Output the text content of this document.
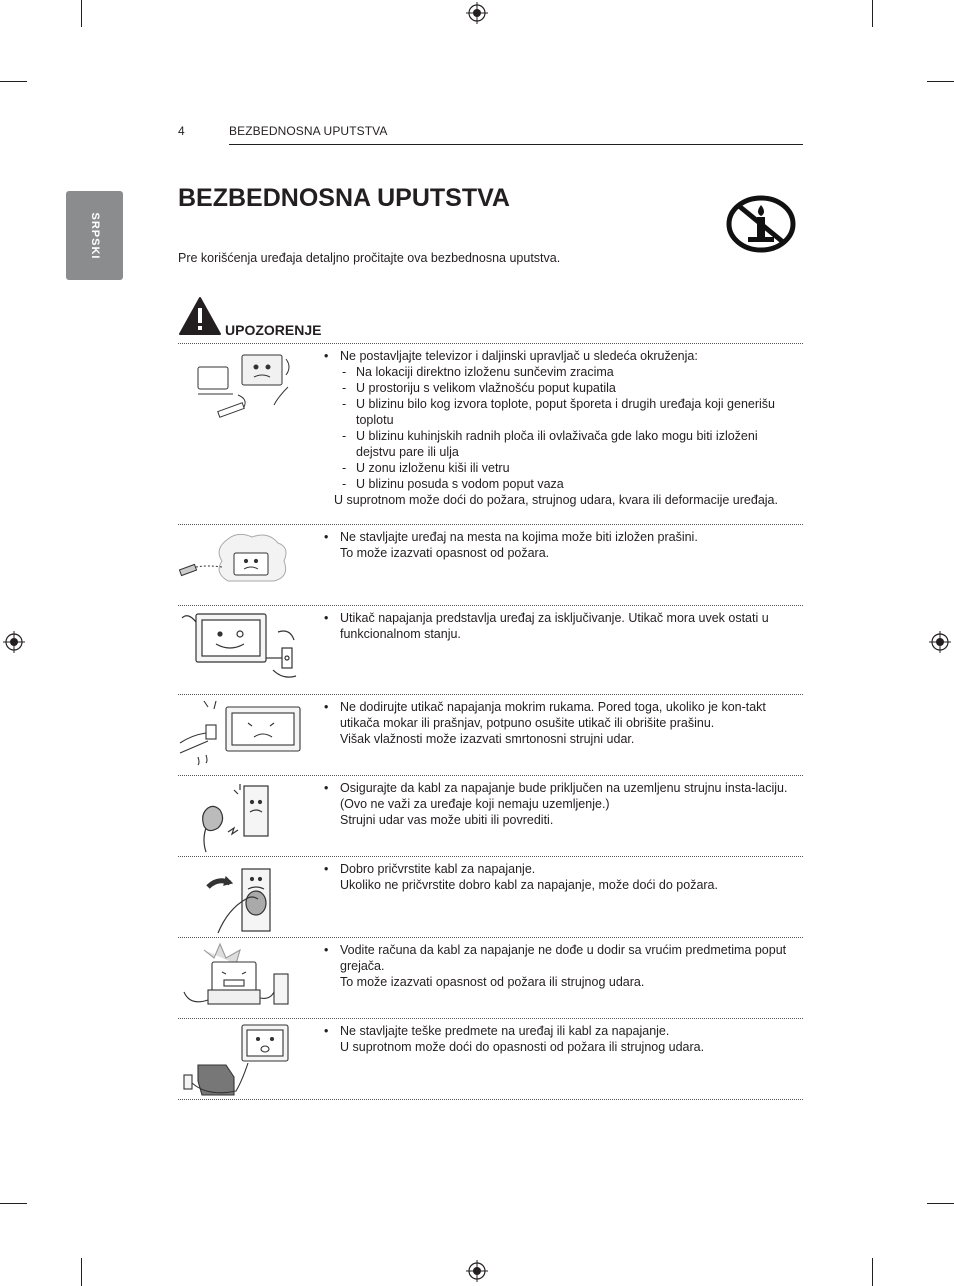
4	BEZBEDNOSNA UPUTSTVA
SRPSKI
BEZBEDNOSNA UPUTSTVA
Pre korišćenja uređaja detaljno pročitajte ova bezbednosna uputstva.
UPOZORENJE
• Ne postavljajte televizor i daljinski upravljač u sledeća okruženja:
- Na lokaciji direktno izloženu sunčevim zracima
- U prostoriju s velikom vlažnošću poput kupatila
- U blizinu bilo kog izvora toplote, poput šporeta i drugih uređaja koji generišu toplotu
- U blizinu kuhinjskih radnih ploča ili ovlaživača gde lako mogu biti izloženi dejstvu pare ili ulja
- U zonu izloženu kiši ili vetru
- U blizinu posuda s vodom poput vaza
U suprotnom može doći do požara, strujnog udara, kvara ili deformacije uređaja.
• Ne stavljajte uređaj na mesta na kojima može biti izložen prašini.
To može izazvati opasnost od požara.
• Utikač napajanja predstavlja uređaj za isključivanje. Utikač mora uvek ostati u funkcionalnom stanju.
• Ne dodirujte utikač napajanja mokrim rukama. Pored toga, ukoliko je kon-takt utikača mokar ili prašnjav, potpuno osušite utikač ili obrišite prašinu.
Višak vlažnosti može izazvati smrtonosni strujni udar.
• Osigurajte da kabl za napajanje bude priključen na uzemljenu strujnu insta-laciju. (Ovo ne važi za uređaje koji nemaju uzemljenje.)
Strujni udar vas može ubiti ili povrediti.
• Dobro pričvrstite kabl za napajanje.
Ukoliko ne pričvrstite dobro kabl za napajanje, može doći do požara.
• Vodite računa da kabl za napajanje ne dođe u dodir sa vrućim predmetima poput grejača.
To može izazvati opasnost od požara ili strujnog udara.
• Ne stavljajte teške predmete na uređaj ili kabl za napajanje.
U suprotnom može doći do opasnosti od požara ili strujnog udara.
